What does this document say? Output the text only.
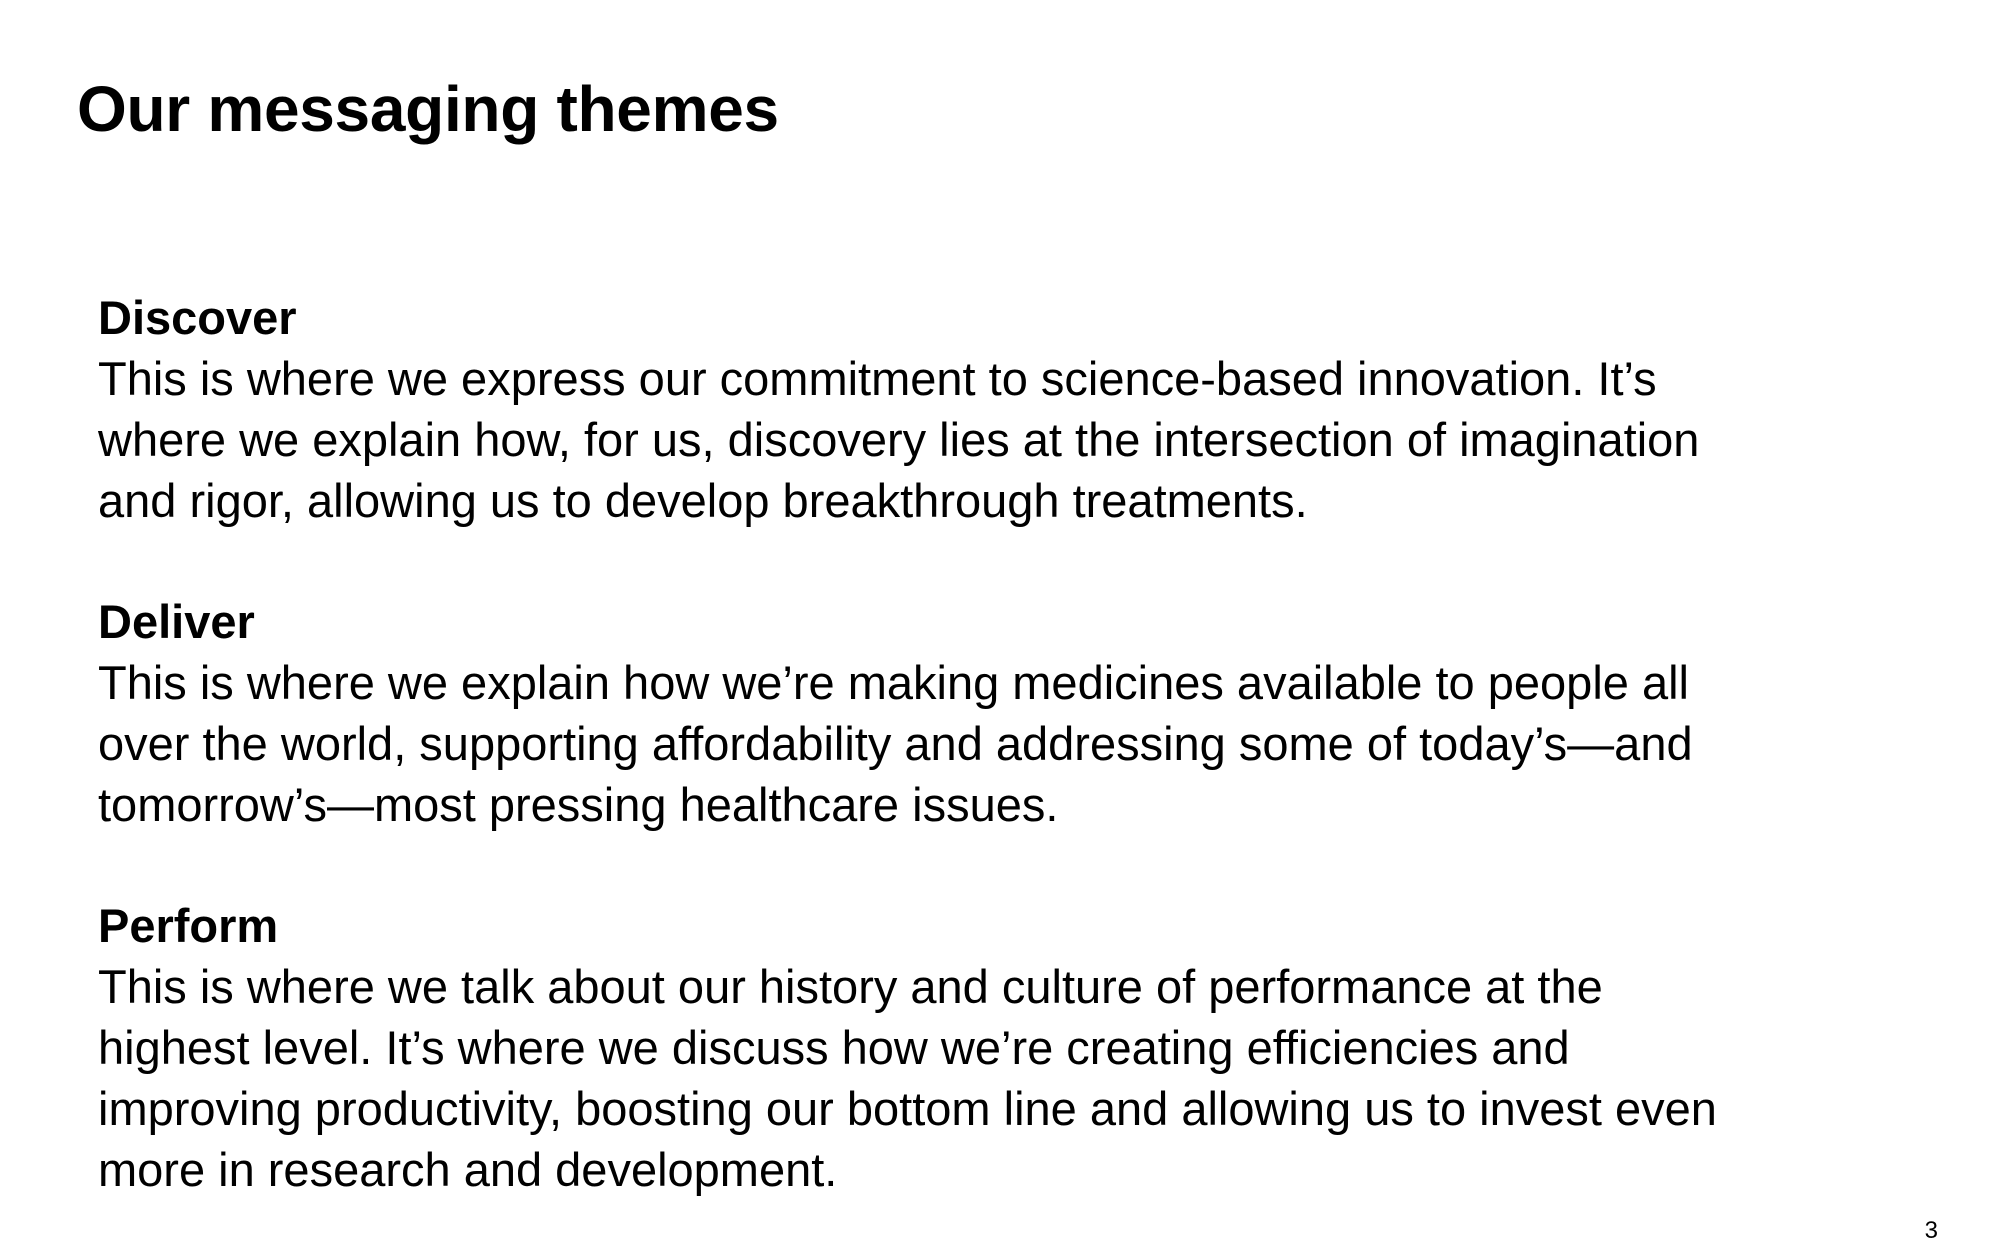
Our messaging themes

Discover

This is where we express our commitment to science-based innovation. It’s

where we explain how, for us, discovery lies at the intersection of imagination

and rigor, allowing us to develop breakthrough treatments.

Deliver

This is where we explain how we’re making medicines available to people all

over the world, supporting affordability and addressing some of today’s—and

tomorrow’s—most pressing healthcare issues.

Perform

This is where we talk about our history and culture of performance at the

highest level. It’s where we discuss how we’re creating efficiencies and

improving productivity, boosting our bottom line and allowing us to invest even

more in research and development.

3
